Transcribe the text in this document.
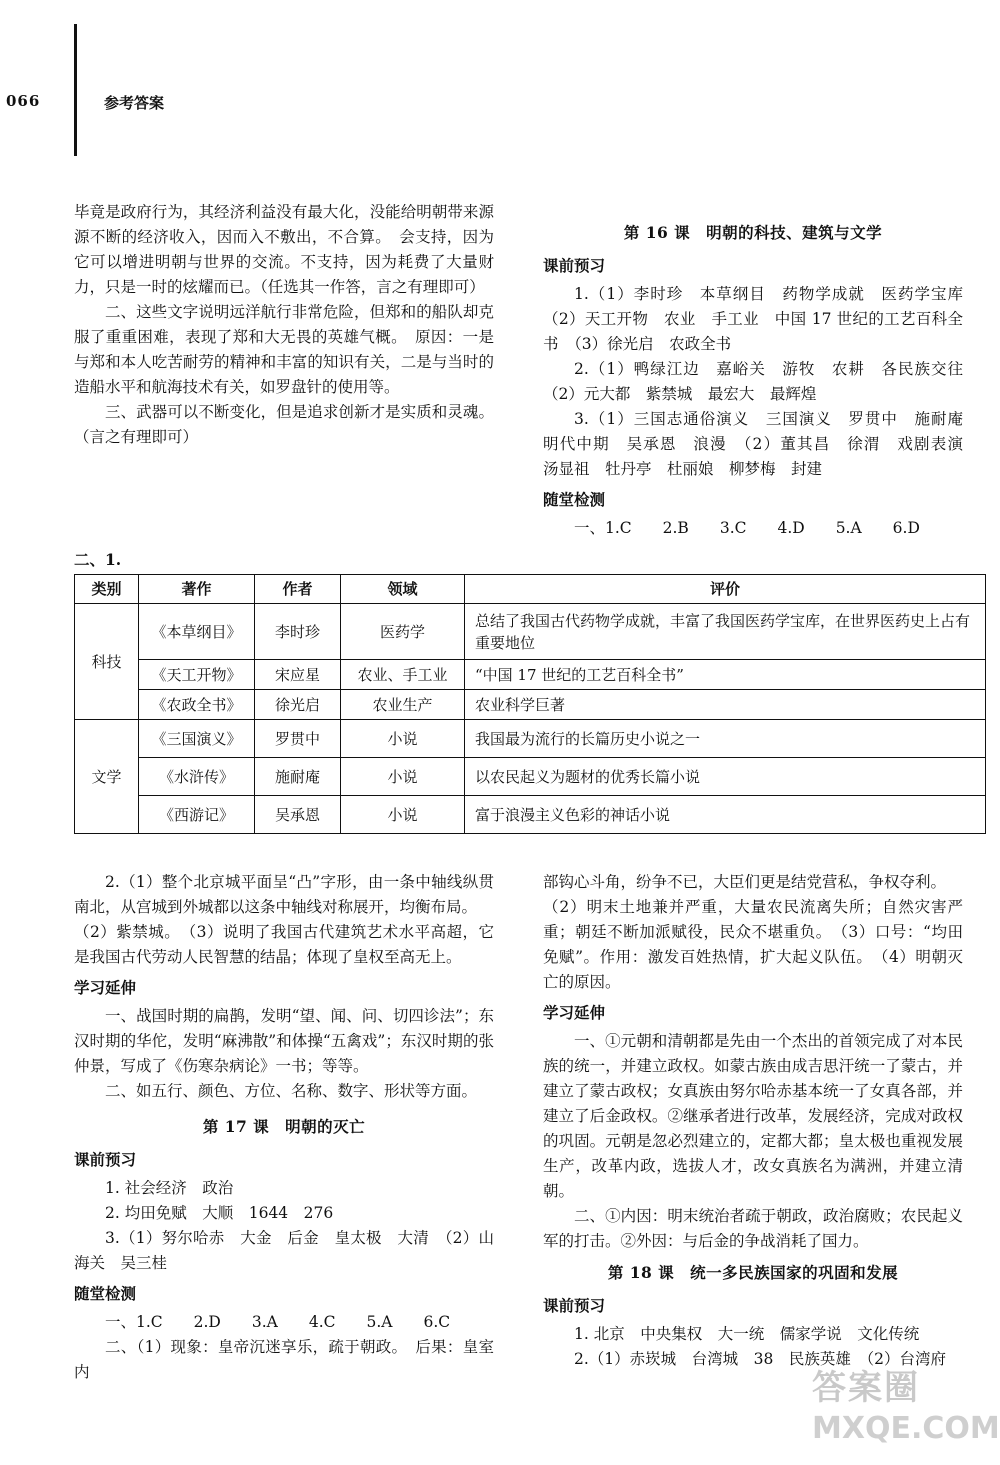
066	参考答案

毕竟是政府行为，其经济利益没有最大化，没能给明朝带来源源不断的经济收入，因而入不敷出，不合算。　会支持，因为它可以增进明朝与世界的交流。不支持，因为耗费了大量财力，只是一时的炫耀而已。（任选其一作答，言之有理即可）

二、这些文字说明远洋航行非常危险，但郑和的船队却克服了重重困难，表现了郑和大无畏的英雄气概。　原因：一是与郑和本人吃苦耐劳的精神和丰富的知识有关，二是与当时的造船水平和航海技术有关，如罗盘针的使用等。

三、武器可以不断变化，但是追求创新才是实质和灵魂。（言之有理即可）

第 16 课　明朝的科技、建筑与文学
课前预习

1.（1）李时珍　本草纲目　药物学成就　医药学宝库（2）天工开物　农业　手工业　中国 17 世纪的工艺百科全书　（3）徐光启　农政全书

2.（1）鸭绿江边　嘉峪关　游牧　农耕　各民族交往（2）元大都　紫禁城　最宏大　最辉煌

3.（1）三国志通俗演义　三国演义　罗贯中　施耐庵　明代中期　吴承恩　浪漫　（2）董其昌　徐渭　戏剧表演　汤显祖　牡丹亭　杜丽娘　柳梦梅　封建

随堂检测

一、1.C　　2.B　　3.C　　4.D　　5.A　　6.D

二、1.
类别	著作	作者	领域	评价
科技	《本草纲目》	李时珍	医药学	总结了我国古代药物学成就，丰富了我国医药学宝库，在世界医药史上占有重要地位
	《天工开物》	宋应星	农业、手工业	“中国 17 世纪的工艺百科全书”
	《农政全书》	徐光启	农业生产	农业科学巨著
文学	《三国演义》	罗贯中	小说	我国最为流行的长篇历史小说之一
	《水浒传》	施耐庵	小说	以农民起义为题材的优秀长篇小说
	《西游记》	吴承恩	小说	富于浪漫主义色彩的神话小说

2.（1）整个北京城平面呈“凸”字形，由一条中轴线纵贯南北，从宫城到外城都以这条中轴线对称展开，均衡布局。

（2）紫禁城。　（3）说明了我国古代建筑艺术水平高超，它是我国古代劳动人民智慧的结晶；体现了皇权至高无上。

学习延伸

一、战国时期的扁鹊，发明“望、闻、问、切四诊法”；东汉时期的华佗，发明“麻沸散”和体操“五禽戏”；东汉时期的张仲景，写成了《伤寒杂病论》一书；等等。

二、如五行、颜色、方位、名称、数字、形状等方面。

第 17 课　明朝的灭亡
课前预习

1. 社会经济　政治

2. 均田免赋　大顺　1644　276

3.（1）努尔哈赤　大金　后金　皇太极　大清　（2）山海关　吴三桂

随堂检测

一、1.C　　2.D　　3.A　　4.C　　5.A　　6.C

二、（1）现象：皇帝沉迷享乐，疏于朝政。　后果：皇室内

部钩心斗角，纷争不已，大臣们更是结党营私，争权夺利。

（2）明末土地兼并严重，大量农民流离失所；自然灾害严重；朝廷不断加派赋役，民众不堪重负。　（3）口号：“均田免赋”。作用：激发百姓热情，扩大起义队伍。　（4）明朝灭亡的原因。

学习延伸

一、①元朝和清朝都是先由一个杰出的首领完成了对本民族的统一，并建立政权。如蒙古族由成吉思汗统一了蒙古，并建立了蒙古政权；女真族由努尔哈赤基本统一了女真各部，并建立了后金政权。②继承者进行改革，发展经济，完成对政权的巩固。元朝是忽必烈建立的，定都大都；皇太极也重视发展生产，改革内政，选拔人才，改女真族名为满洲，并建立清朝。

二、①内因：明末统治者疏于朝政，政治腐败；农民起义军的打击。②外因：与后金的争战消耗了国力。

第 18 课　统一多民族国家的巩固和发展
课前预习

1. 北京　中央集权　大一统　儒家学说　文化传统

2.（1）赤崁城　台湾城　38　民族英雄　（2）台湾府

答案圈
MXQE.COM
